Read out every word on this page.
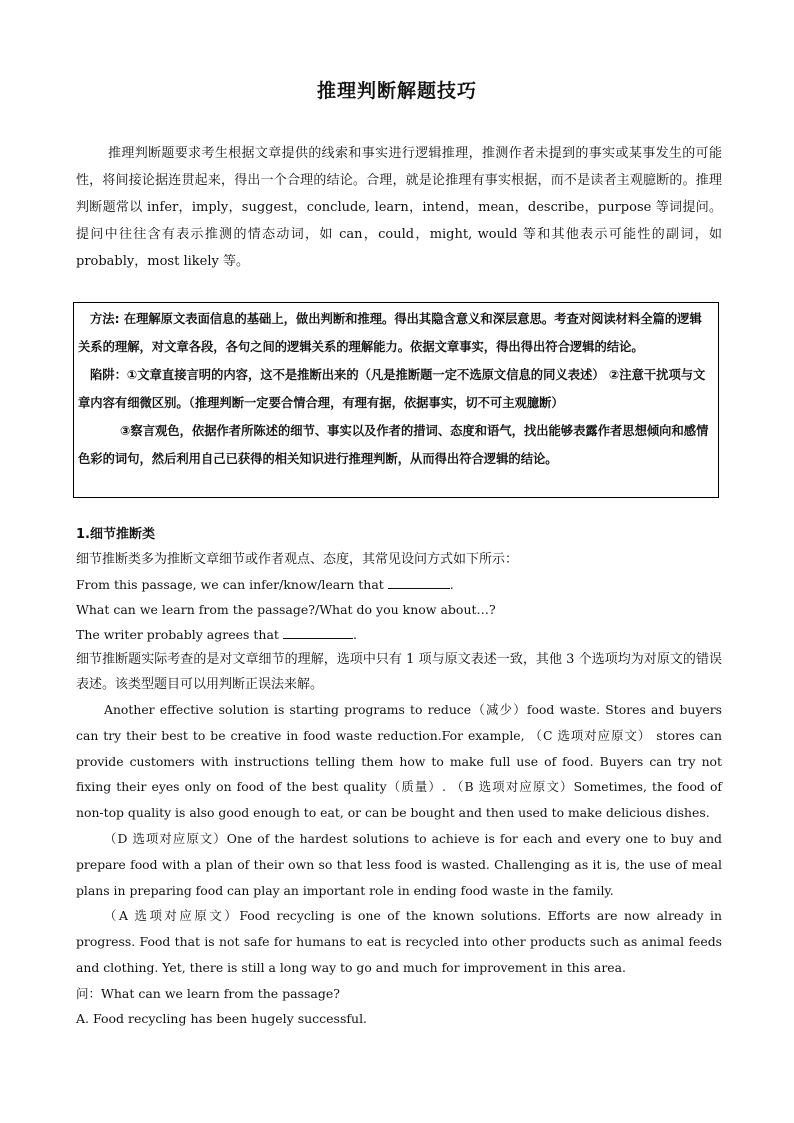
推理判断解题技巧

推理判断题要求考生根据文章提供的线索和事实进行逻辑推理，推测作者未提到的事实或某事发生的可能性，将间接论据连贯起来，得出一个合理的结论。合理，就是论推理有事实根据，而不是读者主观臆断的。推理判断题常以 infer，imply，suggest，conclude, learn，intend，mean，describe，purpose 等词提问。提问中往往含有表示推测的情态动词，如 can，could，might, would 等和其他表示可能性的副词，如 probably，most likely 等。

方法: 在理解原文表面信息的基础上，做出判断和推理。得出其隐含意义和深层意思。考查对阅读材料全篇的逻辑关系的理解，对文章各段，各句之间的逻辑关系的理解能力。依据文章事实，得出得出符合逻辑的结论。

陷阱：①文章直接言明的内容，这不是推断出来的（凡是推断题一定不选原文信息的同义表述） ②注意干扰项与文章内容有细微区别。（推理判断一定要合情合理，有理有据，依据事实，切不可主观臆断）

③察言观色，依据作者所陈述的细节、事实以及作者的措词、态度和语气，找出能够表露作者思想倾向和感情色彩的词句，然后利用自己已获得的相关知识进行推理判断，从而得出符合逻辑的结论。

1.细节推断类

细节推断类多为推断文章细节或作者观点、态度，其常见设问方式如下所示：

From this passage, we can infer/know/learn that	.

What can we learn from the passage?/What do you know about…?

The writer probably agrees that	.

细节推断题实际考查的是对文章细节的理解，选项中只有 1 项与原文表述一致，其他 3 个选项均为对原文的错误表述。该类型题目可以用判断正误法来解。

Another effective solution is starting programs to reduce（减少）food waste. Stores and buyers can try their best to be creative in food waste reduction.For example, （C 选项对应原文） stores can provide customers with instructions telling them how to make full use of food. Buyers can try not fixing their eyes only on food of the best quality（质量）. （B 选项对应原文）Sometimes, the food of non-top quality is also good enough to eat, or can be bought and then used to make delicious dishes.

（D 选项对应原文）One of the hardest solutions to achieve is for each and every one to buy and prepare food with a plan of their own so that less food is wasted. Challenging as it is, the use of meal plans in preparing food can play an important role in ending food waste in the family.

（A 选项对应原文）Food recycling is one of the known solutions. Efforts are now already in progress. Food that is not safe for humans to eat is recycled into other products such as animal feeds and clothing. Yet, there is still a long way to go and much for improvement in this area.

问：What can we learn from the passage?

A. Food recycling has been hugely successful.
